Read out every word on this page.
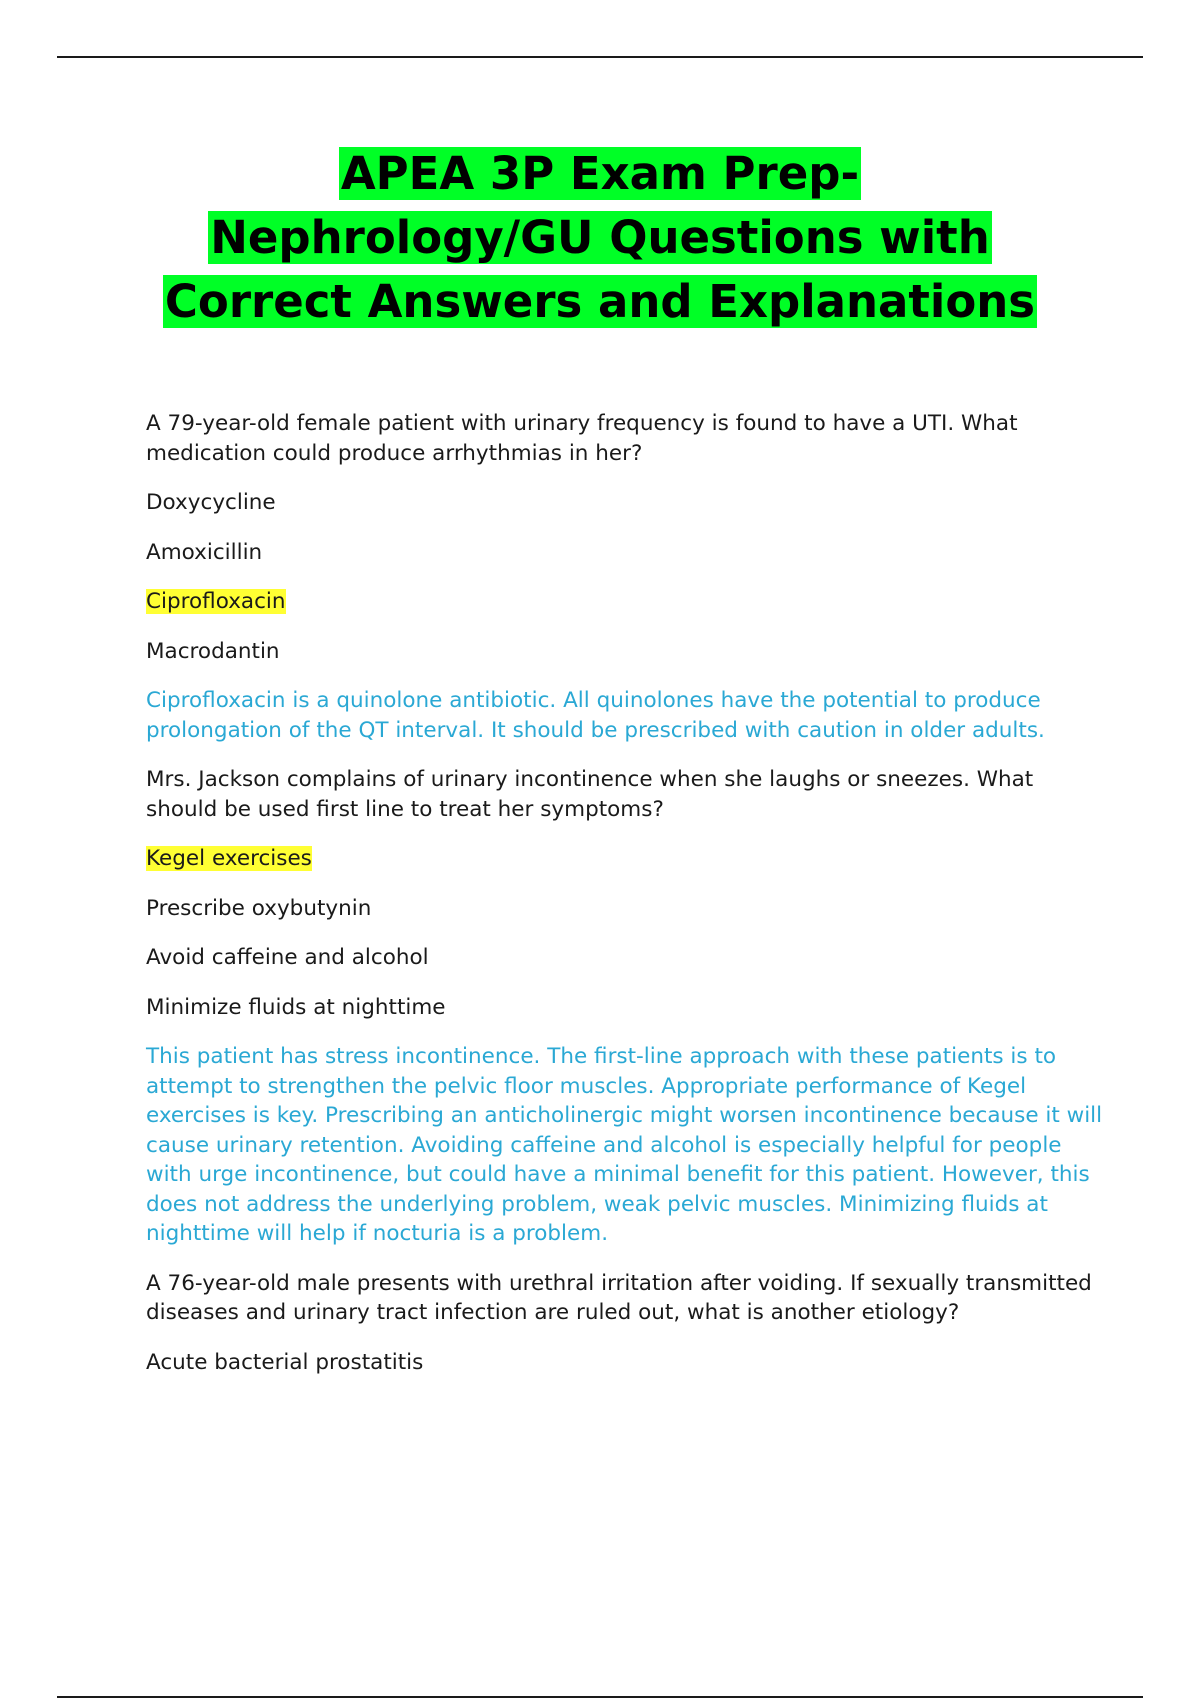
APEA 3P Exam Prep-
Nephrology/GU Questions with
Correct Answers and Explanations

A 79-year-old female patient with urinary frequency is found to have a UTI. What medication could produce arrhythmias in her?

Doxycycline

Amoxicillin

Ciprofloxacin

Macrodantin

Ciprofloxacin is a quinolone antibiotic. All quinolones have the potential to produce prolongation of the QT interval. It should be prescribed with caution in older adults.

Mrs. Jackson complains of urinary incontinence when she laughs or sneezes. What should be used first line to treat her symptoms?

Kegel exercises

Prescribe oxybutynin

Avoid caffeine and alcohol

Minimize fluids at nighttime

This patient has stress incontinence. The first-line approach with these patients is to attempt to strengthen the pelvic floor muscles. Appropriate performance of Kegel exercises is key. Prescribing an anticholinergic might worsen incontinence because it will cause urinary retention. Avoiding caffeine and alcohol is especially helpful for people with urge incontinence, but could have a minimal benefit for this patient. However, this does not address the underlying problem, weak pelvic muscles. Minimizing fluids at nighttime will help if nocturia is a problem.

A 76-year-old male presents with urethral irritation after voiding. If sexually transmitted diseases and urinary tract infection are ruled out, what is another etiology?

Acute bacterial prostatitis
